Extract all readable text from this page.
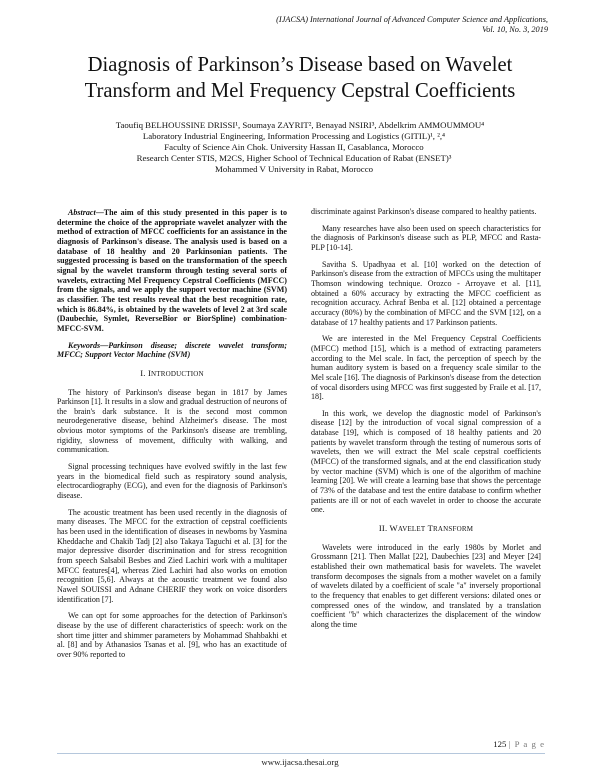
(IJACSA) International Journal of Advanced Computer Science and Applications,
Vol. 10, No. 3, 2019
Diagnosis of Parkinson’s Disease based on Wavelet
Transform and Mel Frequency Cepstral Coefficients

Taoufiq BELHOUSSINE DRISSI¹, Soumaya ZAYRIT², Benayad NSIRI³, Abdelkrim AMMOUMMOU⁴

Laboratory Industrial Engineering, Information Processing and Logistics (GITIL)¹, ²,⁴

Faculty of Science Ain Chok. University Hassan II, Casablanca, Morocco

Research Center STIS, M2CS, Higher School of Technical Education of Rabat (ENSET)³

Mohammed V University in Rabat, Morocco

Abstract—The aim of this study presented in this paper is to determine the choice of the appropriate wavelet analyzer with the method of extraction of MFCC coefficients for an assistance in the diagnosis of Parkinson's disease. The analysis used is based on a database of 18 healthy and 20 Parkinsonian patients. The suggested processing is based on the transformation of the speech signal by the wavelet transform through testing several sorts of wavelets, extracting Mel Frequency Cepstral Coefficients (MFCC) from the signals, and we apply the support vector machine (SVM) as classifier. The test results reveal that the best recognition rate, which is 86.84%, is obtained by the wavelets of level 2 at 3rd scale (Daubechie, Symlet, ReverseBior or BiorSpline) combination-MFCC-SVM.

Keywords—Parkinson disease; discrete wavelet transform; MFCC; Support Vector Machine (SVM)

I. INTRODUCTION

The history of Parkinson's disease began in 1817 by James Parkinson [1]. It results in a slow and gradual destruction of neurons of the brain's dark substance. It is the second most common neurodegenerative disease, behind Alzheimer's disease. The most obvious motor symptoms of the Parkinson's disease are trembling, rigidity, slowness of movement, difficulty with walking, and communication.

Signal processing techniques have evolved swiftly in the last few years in the biomedical field such as respiratory sound analysis, electrocardiography (ECG), and even for the diagnosis of Parkinson's disease.

The acoustic treatment has been used recently in the diagnosis of many diseases. The MFCC for the extraction of cepstral coefficients has been used in the identification of diseases in newborns by Yasmina Kheddache and Chakib Tadj [2] also Takaya Taguchi et al. [3] for the major depressive disorder discrimination and for stress recognition from speech Salsabil Besbes and Zied Lachiri work with a multitaper MFCC features[4], whereas Zied Lachiri had also works on emotion recognition [5,6]. Always at the acoustic treatment we found also Nawel SOUISSI and Adnane CHERIF they work on voice disorders identification [7].

We can opt for some approaches for the detection of Parkinson's disease by the use of different characteristics of speech: work on the short time jitter and shimmer parameters by Mohammad Shahbakhi et al. [8] and by Athanasios Tsanas et al. [9], who has an exactitude of over 90% reported to

discriminate against Parkinson's disease compared to healthy patients.

Many researches have also been used on speech characteristics for the diagnosis of Parkinson's disease such as PLP, MFCC and Rasta-PLP [10-14].

Savitha S. Upadhyaa et al. [10] worked on the detection of Parkinson's disease from the extraction of MFCCs using the multitaper Thomson windowing technique. Orozco - Arroyave et al. [11], obtained a 60% accuracy by extracting the MFCC coefficient as recognition accuracy. Achraf Benba et al. [12] obtained a percentage accuracy (80%) by the combination of MFCC and the SVM [12], on a database of 17 healthy patients and 17 Parkinson patients.

We are interested in the Mel Frequency Cepstral Coefficients (MFCC) method [15], which is a method of extracting parameters according to the Mel scale. In fact, the perception of speech by the human auditory system is based on a frequency scale similar to the Mel scale [16]. The diagnosis of Parkinson's disease from the detection of vocal disorders using MFCC was first suggested by Fraile et al. [17, 18].

In this work, we develop the diagnostic model of Parkinson's disease [12] by the introduction of vocal signal compression of a database [19], which is composed of 18 healthy patients and 20 patients by wavelet transform through the testing of numerous sorts of wavelets, then we will extract the Mel scale cepstral coefficients (MFCC) of the transformed signals, and at the end classification study by vector machine (SVM) which is one of the algorithm of machine learning [20]. We will create a learning base that shows the percentage of 73% of the database and test the entire database to confirm whether patients are ill or not of each wavelet in order to choose the accurate one.

II. WAVELET TRANSFORM

Wavelets were introduced in the early 1980s by Morlet and Grossmann [21]. Then Mallat [22], Daubechies [23] and Meyer [24] established their own mathematical basis for wavelets. The wavelet transform decomposes the signals from a mother wavelet on a family of wavelets dilated by a coefficient of scale "a" inversely proportional to the frequency that enables to get different versions: dilated ones or compressed ones of the window, and translated by a translation coefficient "b" which characterizes the displacement of the window along the time

125 | P a g e
www.ijacsa.thesai.org
